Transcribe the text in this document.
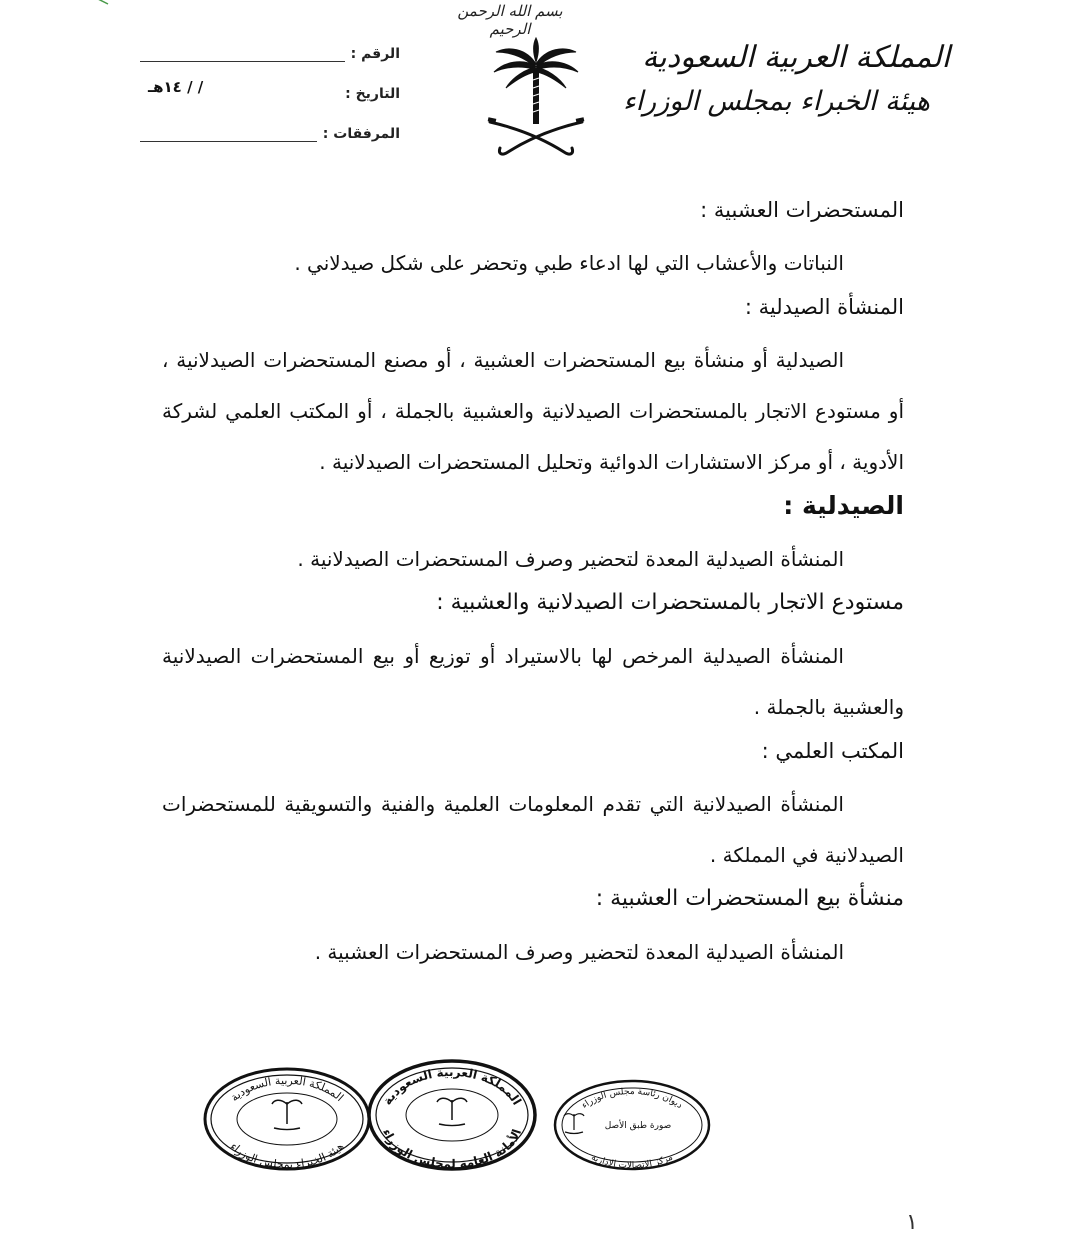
بسم الله الرحمن الرحيم
المملكة العربية السعودية
هيئة الخبراء بمجلس الوزراء
الرقم :
التاريخ :
١٤هـ / /
المرفقات :
المستحضرات العشبية :

النباتات والأعشاب التي لها ادعاء طبي وتحضر على شكل صيدلاني .

المنشأة الصيدلية :

الصيدلية أو منشأة بيع المستحضرات العشبية ، أو مصنع المستحضرات الصيدلانية ، أو مستودع الاتجار بالمستحضرات الصيدلانية والعشبية بالجملة ، أو المكتب العلمي لشركة الأدوية ، أو مركز الاستشارات الدوائية وتحليل المستحضرات الصيدلانية .

الصيدلية :

المنشأة الصيدلية المعدة لتحضير وصرف المستحضرات الصيدلانية .

مستودع الاتجار بالمستحضرات الصيدلانية والعشبية :

المنشأة الصيدلية المرخص لها بالاستيراد أو توزيع أو بيع المستحضرات الصيدلانية والعشبية بالجملة .

المكتب العلمي :

المنشأة الصيدلانية التي تقدم المعلومات العلمية والفنية والتسويقية للمستحضرات الصيدلانية في المملكة .

منشأة بيع المستحضرات العشبية :

المنشأة الصيدلية المعدة لتحضير وصرف المستحضرات العشبية .

المملكة العربية السعودية
هيئة الخبراء بمجلس الوزراء
المملكة العربية السعودية
الأمانة العامة لمجلس الوزراء
ديوان رئاسة مجلس الوزراء
صورة طبق الأصل
مركز الاتصالات الإدارية
١
